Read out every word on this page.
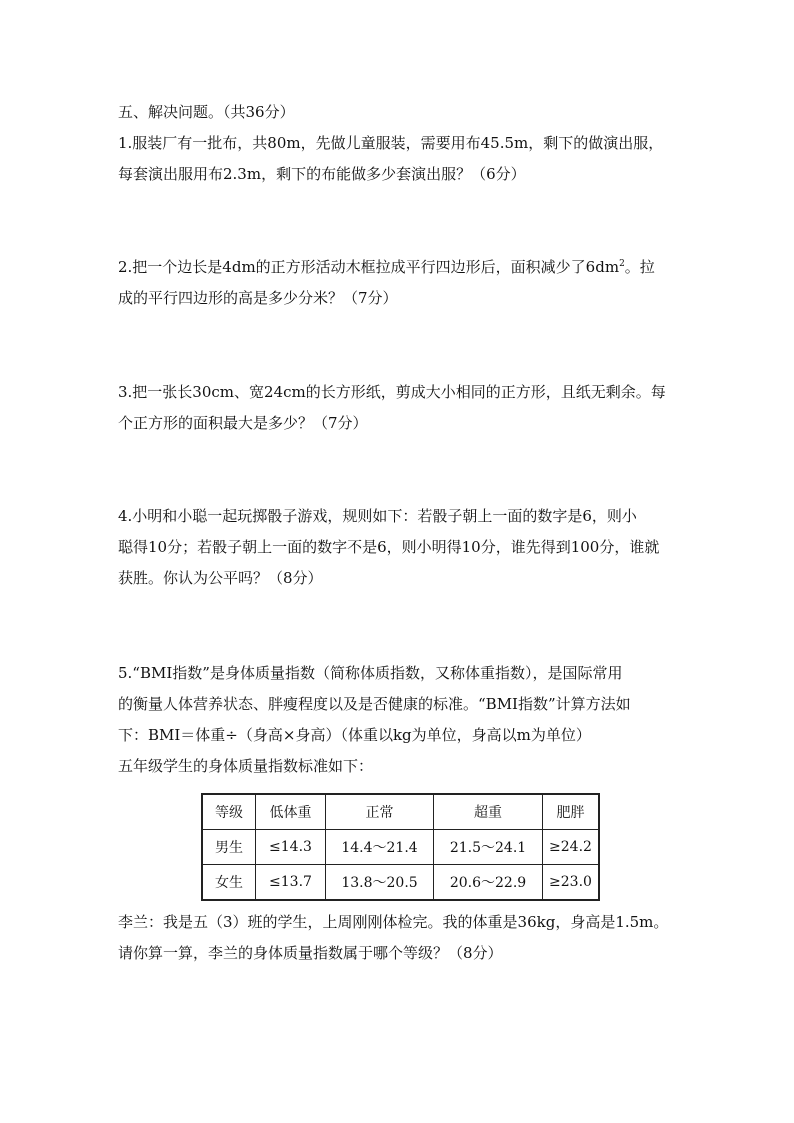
五、解决问题。（共36分）
1.服装厂有一批布，共80m，先做儿童服装，需要用布45.5m，剩下的做演出服，
每套演出服用布2.3m，剩下的布能做多少套演出服？（6分）
2.把一个边长是4dm的正方形活动木框拉成平行四边形后，面积减少了$6dm^2$。拉
成的平行四边形的高是多少分米？（7分）
3.把一张长30cm、宽24cm的长方形纸，剪成大小相同的正方形，且纸无剩余。每
个正方形的面积最大是多少？（7分）
4.小明和小聪一起玩掷骰子游戏，规则如下：若骰子朝上一面的数字是6，则小
聪得10分；若骰子朝上一面的数字不是6，则小明得10分，谁先得到100分，谁就
获胜。你认为公平吗？（8分）
5.“BMI指数”是身体质量指数（简称体质指数，又称体重指数），是国际常用
的衡量人体营养状态、胖瘦程度以及是否健康的标准。“BMI指数”计算方法如
下：BMI＝体重÷（身高×身高）（体重以kg为单位，身高以m为单位）
五年级学生的身体质量指数标准如下：
等级	低体重	正常	超重	肥胖
男生	≤14.3	14.4～21.4	21.5～24.1	≥24.2
女生	≤13.7	13.8～20.5	20.6～22.9	≥23.0
李兰：我是五（3）班的学生，上周刚刚体检完。我的体重是36kg，身高是1.5m。
请你算一算，李兰的身体质量指数属于哪个等级？（8分）
